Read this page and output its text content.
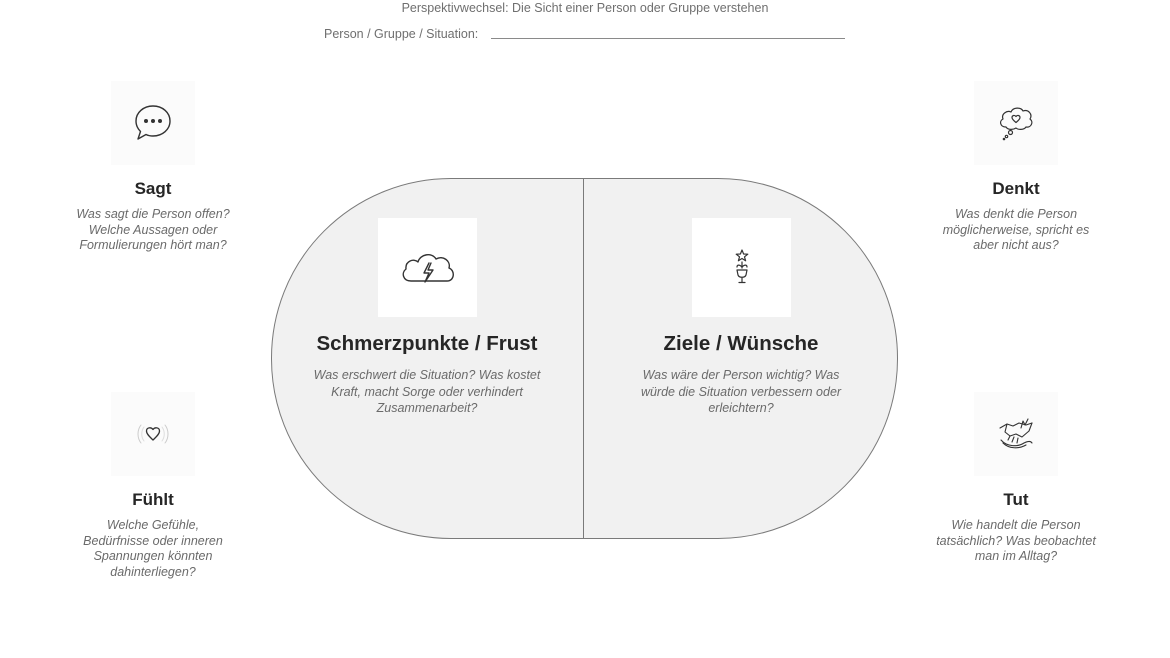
Perspektivwechsel: Die Sicht einer Person oder Gruppe verstehen
Person / Gruppe / Situation:
Schmerzpunkte / Frust
Was erschwert die Situation? Was kostet Kraft, macht Sorge oder verhindert Zusammenarbeit?
Ziele / Wünsche
Was wäre der Person wichtig? Was würde die Situation verbessern oder erleichtern?
Sagt
Was sagt die Person offen? Welche Aussagen oder Formulierungen hört man?
Denkt
Was denkt die Person möglicherweise, spricht es aber nicht aus?
Fühlt
Welche Gefühle, Bedürfnisse oder inneren Spannungen könnten dahinterliegen?
Tut
Wie handelt die Person tatsächlich? Was beobachtet man im Alltag?
